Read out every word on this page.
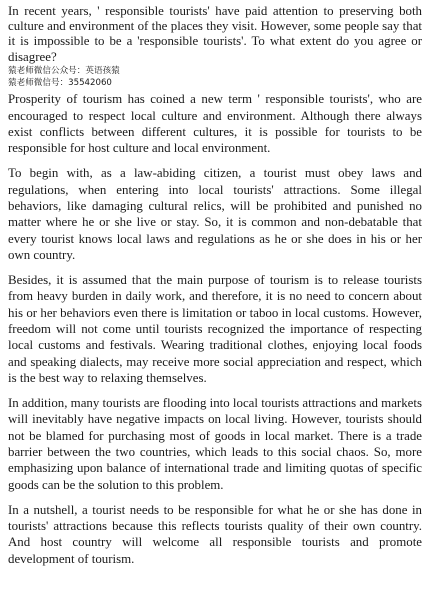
In recent years, ' responsible tourists' have paid attention to preserving both culture and environment of the places they visit. However, some people say that it is impossible to be a 'responsible tourists'. To what extent do you agree or disagree?

猿老师微信公众号：英语孩猿
猿老师微信号：35542060

Prosperity of tourism has coined a new term ' responsible tourists', who are encouraged to respect local culture and environment. Although there always exist conflicts between different cultures, it is possible for tourists to be responsible for host culture and local environment.

To begin with, as a law-abiding citizen, a tourist must obey laws and regulations, when entering into local tourists' attractions. Some illegal behaviors, like damaging cultural relics, will be prohibited and punished no matter where he or she live or stay. So, it is common and non-debatable that every tourist knows local laws and regulations as he or she does in his or her own country.

Besides, it is assumed that the main purpose of tourism is to release tourists from heavy burden in daily work, and therefore, it is no need to concern about his or her behaviors even there is limitation or taboo in local customs. However, freedom will not come until tourists recognized the importance of respecting local customs and festivals. Wearing traditional clothes, enjoying local foods and speaking dialects, may receive more social appreciation and respect, which is the best way to relaxing themselves.

In addition, many tourists are flooding into local tourists attractions and markets will inevitably have negative impacts on local living. However, tourists should not be blamed for purchasing most of goods in local market. There is a trade barrier between the two countries, which leads to this social chaos. So, more emphasizing upon balance of international trade and limiting quotas of specific goods can be the solution to this problem.

In a nutshell, a tourist needs to be responsible for what he or she has done in tourists' attractions because this reflects tourists quality of their own country. And host country will welcome all responsible tourists and promote development of tourism.
